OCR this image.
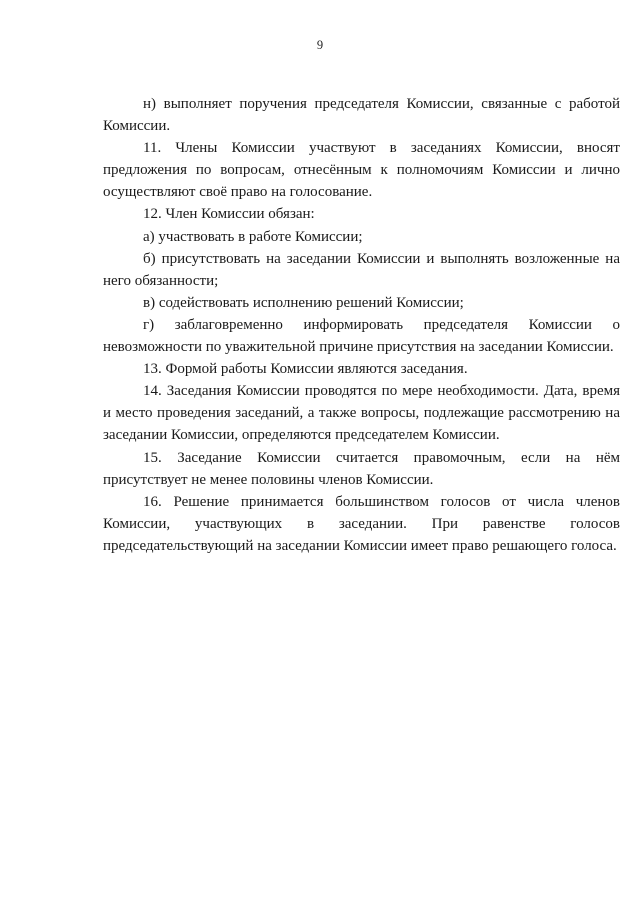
9

н) выполняет поручения председателя Комиссии, связанные с работой Комиссии.

11. Члены Комиссии участвуют в заседаниях Комиссии, вносят предложения по вопросам, отнесённым к полномочиям Комиссии и лично осуществляют своё право на голосование.

12. Член Комиссии обязан:

а) участвовать в работе Комиссии;

б) присутствовать на заседании Комиссии и выполнять возложенные на него обязанности;

в) содействовать исполнению решений Комиссии;

г) заблаговременно информировать председателя Комиссии о невозможности по уважительной причине присутствия на заседании Комиссии.

13. Формой работы Комиссии являются заседания.

14. Заседания Комиссии проводятся по мере необходимости. Дата, время и место проведения заседаний, а также вопросы, подлежащие рассмотрению на заседании Комиссии, определяются председателем Комиссии.

15. Заседание Комиссии считается правомочным, если на нём присутствует не менее половины членов Комиссии.

16. Решение принимается большинством голосов от числа членов Комиссии, участвующих в заседании. При равенстве голосов председательствующий на заседании Комиссии имеет право решающего голоса.
